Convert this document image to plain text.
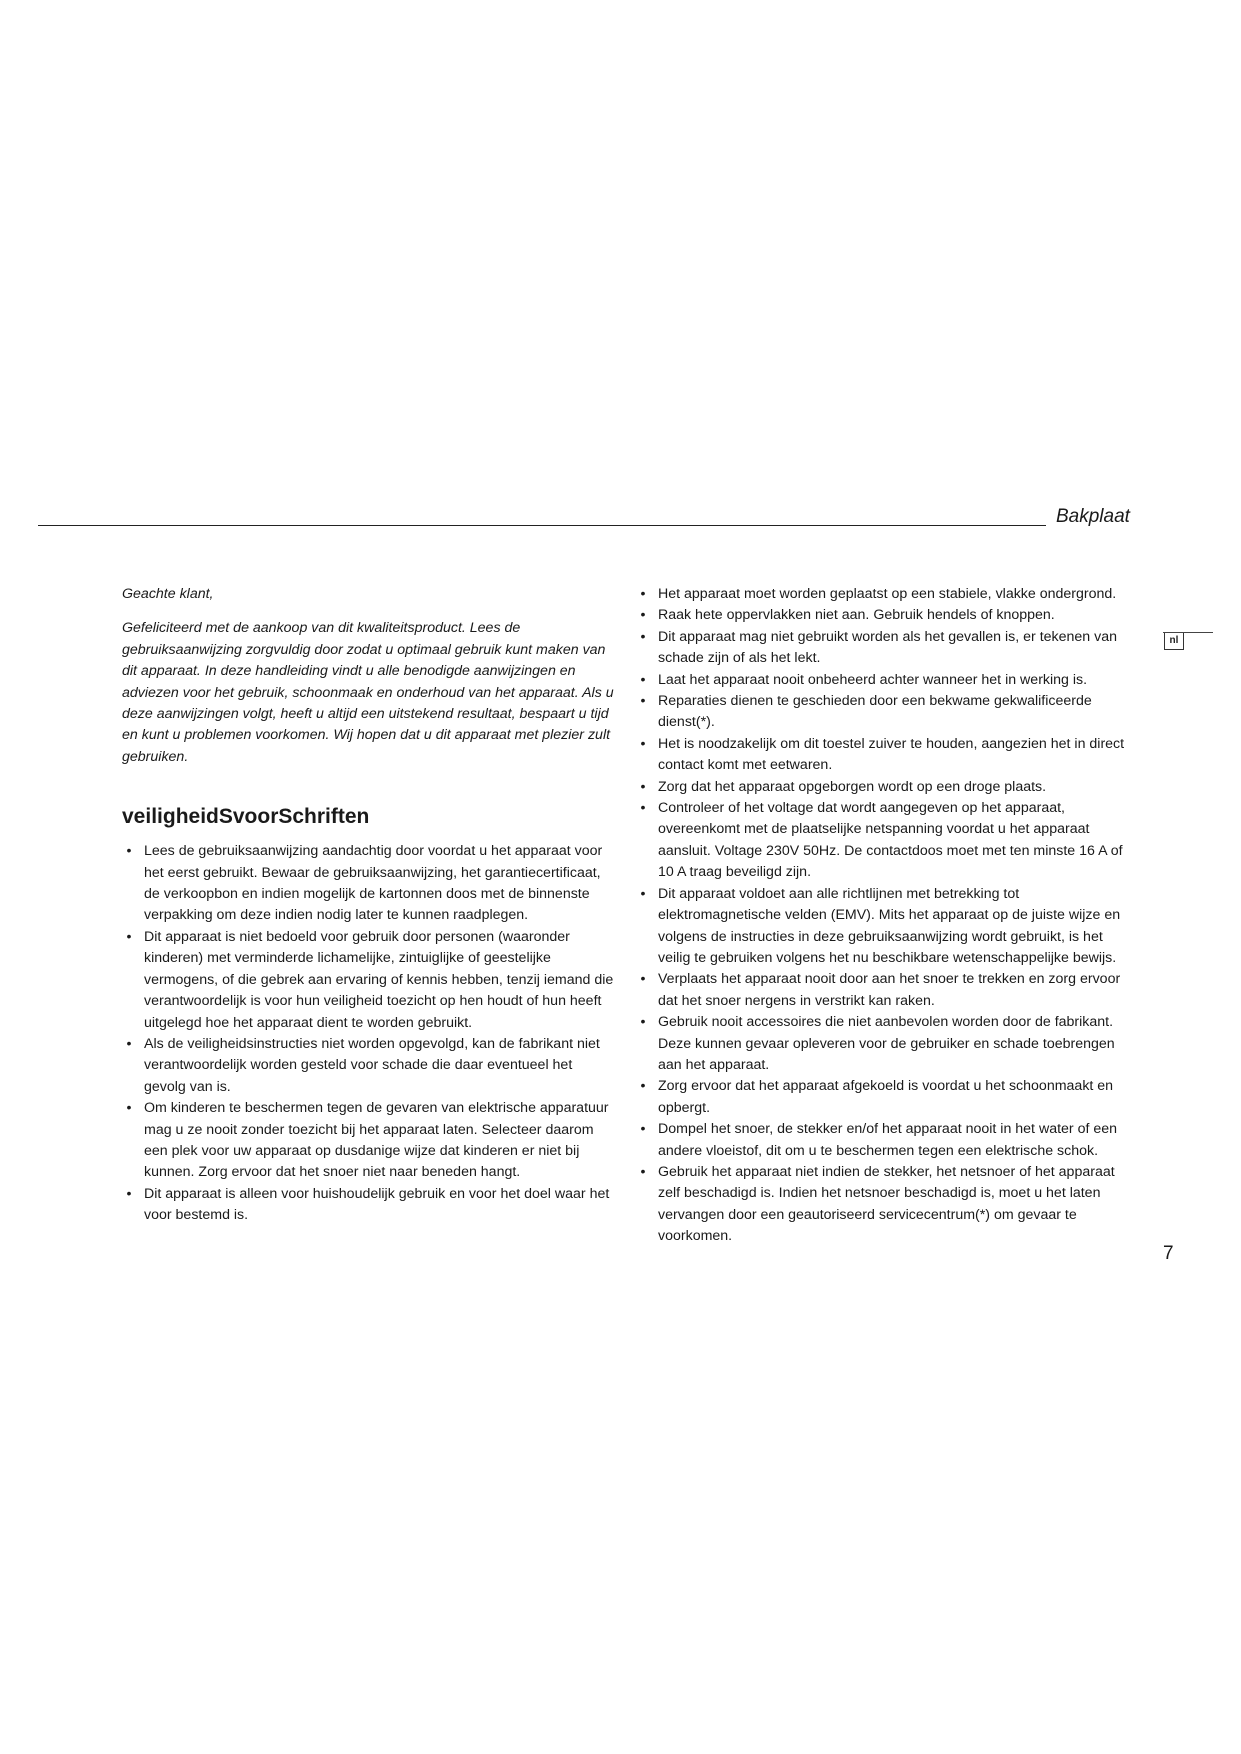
Bakplaat
nl

Geachte klant,

Gefeliciteerd met de aankoop van dit kwaliteitsproduct. Lees de gebruiksaanwijzing zorgvuldig door zodat u optimaal gebruik kunt maken van dit apparaat. In deze handleiding vindt u alle benodigde aanwijzingen en adviezen voor het gebruik, schoonmaak en onderhoud van het apparaat. Als u deze aanwijzingen volgt, heeft u altijd een uitstekend resultaat, bespaart u tijd en kunt u problemen voorkomen. Wij hopen dat u dit apparaat met plezier zult gebruiken.

veiligheidSvoorSchriften
• Lees de gebruiksaanwijzing aandachtig door voordat u het apparaat voor het eerst gebruikt. Bewaar de gebruiksaanwijzing, het garantiecertificaat, de verkoopbon en indien mogelijk de kartonnen doos met de binnenste verpakking om deze indien nodig later te kunnen raadplegen.
• Dit apparaat is niet bedoeld voor gebruik door personen (waaronder kinderen) met verminderde lichamelijke, zintuiglijke of geestelijke vermogens, of die gebrek aan ervaring of kennis hebben, tenzij iemand die verantwoordelijk is voor hun veiligheid toezicht op hen houdt of hun heeft uitgelegd hoe het apparaat dient te worden gebruikt.
• Als de veiligheidsinstructies niet worden opgevolgd, kan de fabrikant niet verantwoordelijk worden gesteld voor schade die daar eventueel het gevolg van is.
• Om kinderen te beschermen tegen de gevaren van elektrische apparatuur mag u ze nooit zonder toezicht bij het apparaat laten. Selecteer daarom een plek voor uw apparaat op dusdanige wijze dat kinderen er niet bij kunnen. Zorg ervoor dat het snoer niet naar beneden hangt.
• Dit apparaat is alleen voor huishoudelijk gebruik en voor het doel waar het voor bestemd is.
• Het apparaat moet worden geplaatst op een stabiele, vlakke ondergrond.
• Raak hete oppervlakken niet aan. Gebruik hendels of knoppen.
• Dit apparaat mag niet gebruikt worden als het gevallen is, er tekenen van schade zijn of als het lekt.
• Laat het apparaat nooit onbeheerd achter wanneer het in werking is.
• Reparaties dienen te geschieden door een bekwame gekwalificeerde dienst(*).
• Het is noodzakelijk om dit toestel zuiver te houden, aangezien het in direct contact komt met eetwaren.
• Zorg dat het apparaat opgeborgen wordt op een droge plaats.
• Controleer of het voltage dat wordt aangegeven op het apparaat, overeenkomt met de plaatselijke netspanning voordat u het apparaat aansluit. Voltage 230V 50Hz. De contactdoos moet met ten minste 16 A of 10 A traag beveiligd zijn.
• Dit apparaat voldoet aan alle richtlijnen met betrekking tot elektromagnetische velden (EMV). Mits het apparaat op de juiste wijze en volgens de instructies in deze gebruiksaanwijzing wordt gebruikt, is het veilig te gebruiken volgens het nu beschikbare wetenschappelijke bewijs.
• Verplaats het apparaat nooit door aan het snoer te trekken en zorg ervoor dat het snoer nergens in verstrikt kan raken.
• Gebruik nooit accessoires die niet aanbevolen worden door de fabrikant. Deze kunnen gevaar opleveren voor de gebruiker en schade toebrengen aan het apparaat.
• Zorg ervoor dat het apparaat afgekoeld is voordat u het schoonmaakt en opbergt.
• Dompel het snoer, de stekker en/of het apparaat nooit in het water of een andere vloeistof, dit om u te beschermen tegen een elektrische schok.
• Gebruik het apparaat niet indien de stekker, het netsnoer of het apparaat zelf beschadigd is. Indien het netsnoer beschadigd is, moet u het laten vervangen door een geautoriseerd servicecentrum(*) om gevaar te voorkomen.
7
